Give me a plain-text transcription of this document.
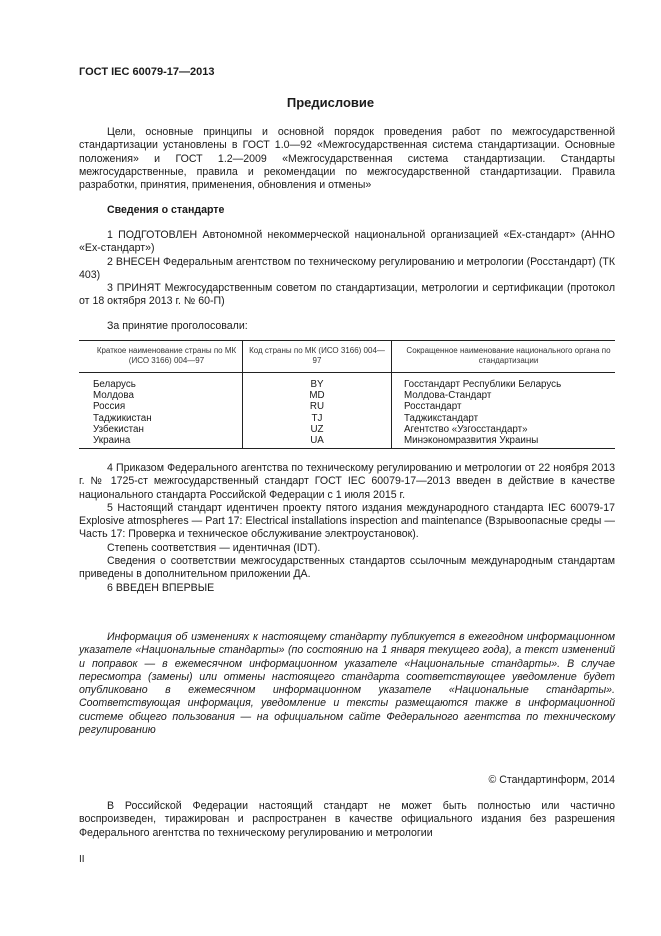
ГОСТ IEC 60079-17—2013
Предисловие

Цели, основные принципы и основной порядок проведения работ по межгосударственной стандартизации установлены в ГОСТ 1.0—92 «Межгосударственная система стандартизации. Основные положения» и ГОСТ 1.2—2009 «Межгосударственная система стандартизации. Стандарты межгосударственные, правила и рекомендации по межгосударственной стандартизации. Правила разработки, принятия, применения, обновления и отмены»

Сведения о стандарте

1 ПОДГОТОВЛЕН Автономной некоммерческой национальной организацией «Ех-стандарт» (АННО «Ех-стандарт»)

2 ВНЕСЕН Федеральным агентством по техническому регулированию и метрологии (Росстандарт) (ТК 403)

3 ПРИНЯТ Межгосударственным советом по стандартизации, метрологии и сертификации (протокол от 18 октября 2013 г. № 60-П)

За принятие проголосовали:

Краткое наименование страны по МК (ИСО 3166) 004—97	Код страны по МК (ИСО 3166) 004—97	Сокращенное наименование национального органа по стандартизации
Беларусь	BY	Госстандарт Республики Беларусь
Молдова	MD	Молдова-Стандарт
Россия	RU	Росстандарт
Таджикистан	TJ	Таджикстандарт
Узбекистан	UZ	Агентство «Узгосстандарт»
Украина	UA	Минэкономразвития Украины

4 Приказом Федерального агентства по техническому регулированию и метрологии от 22 ноября 2013 г. № 1725-ст межгосударственный стандарт ГОСТ IEC 60079-17—2013 введен в действие в качестве национального стандарта Российской Федерации с 1 июля 2015 г.

5 Настоящий стандарт идентичен проекту пятого издания международного стандарта IEC 60079-17 Explosive atmospheres — Part 17: Electrical installations inspection and maintenance (Взрывоопасные среды — Часть 17: Проверка и техническое обслуживание электроустановок).

Степень соответствия — идентичная (IDT).

Сведения о соответствии межгосударственных стандартов ссылочным международным стандартам приведены в дополнительном приложении ДА.

6 ВВЕДЕН ВПЕРВЫЕ

Информация об изменениях к настоящему стандарту публикуется в ежегодном информационном указателе «Национальные стандарты» (по состоянию на 1 января текущего года), а текст изменений и поправок — в ежемесячном информационном указателе «Национальные стандарты». В случае пересмотра (замены) или отмены настоящего стандарта соответствующее уведомление будет опубликовано в ежемесячном информационном указателе «Национальные стандарты». Соответствующая информация, уведомление и тексты размещаются также в информационной системе общего пользования — на официальном сайте Федерального агентства по техническому регулированию

© Стандартинформ, 2014

В Российской Федерации настоящий стандарт не может быть полностью или частично воспроизведен, тиражирован и распространен в качестве официального издания без разрешения Федерального агентства по техническому регулированию и метрологии

II
